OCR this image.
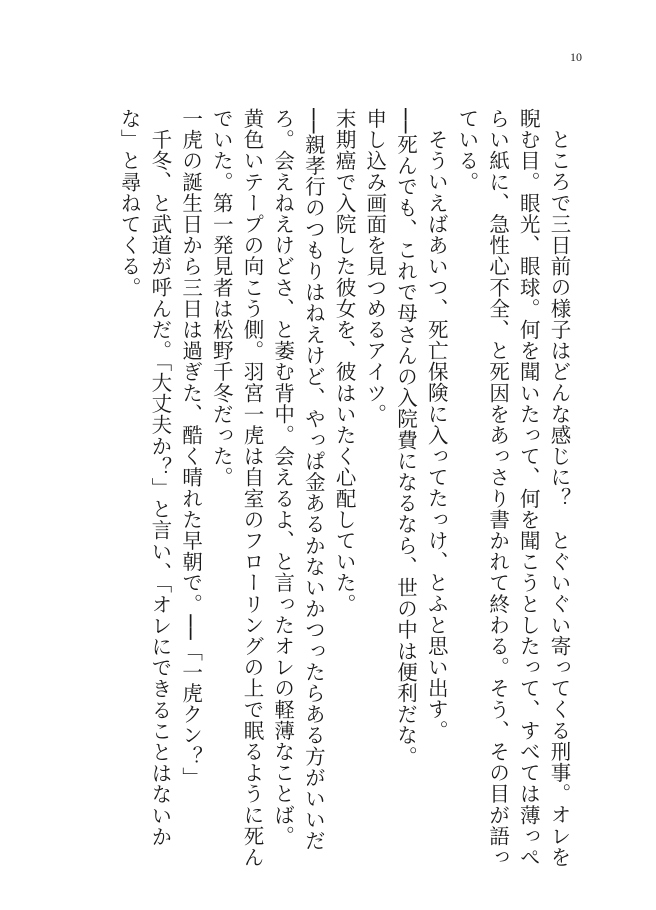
10

ところで三日前の様子はどんな感じに？　とぐいぐい寄ってくる刑事。オレを睨む目。眼光、眼球。何を聞いたって、何を聞こうとしたって、すべては薄っぺらい紙に、急性心不全、と死因をあっさり書かれて終わる。そう、その目が語っている。

そういえばあいつ、死亡保険に入ってたっけ、とふと思い出す。

──死んでも、これで母さんの入院費になるなら、世の中は便利だな。

申し込み画面を見つめるアイツ。

末期癌で入院した彼女を、彼はいたく心配していた。

──親孝行のつもりはねえけど、やっぱ金あるかないかつったらある方がいいだろ。会えねえけどさ、と萎む背中。会えるよ、と言ったオレの軽薄なことば。

黄色いテープの向こう側。羽宮一虎は自室のフローリングの上で眠るように死んでいた。第一発見者は松野千冬だった。

一虎の誕生日から三日は過ぎた、酷く晴れた早朝で。──「一虎クン？」

千冬、と武道が呼んだ。「大丈夫か？」と言い、「オレにできることはないかな」と尋ねてくる。
